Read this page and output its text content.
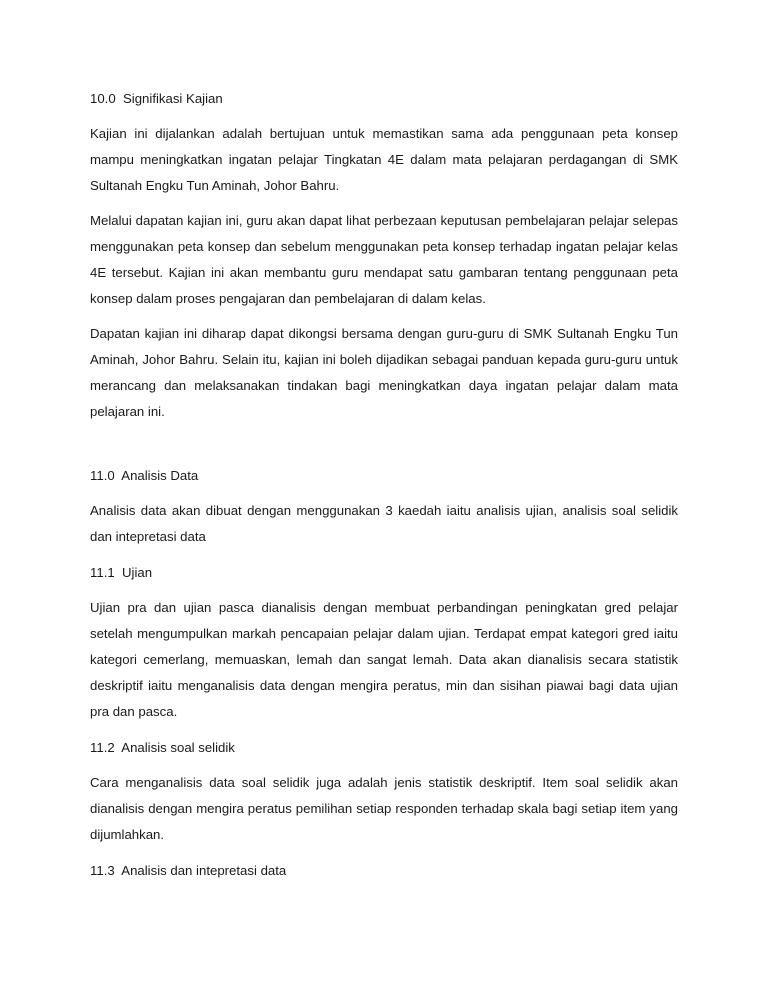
10.0  Signifikasi Kajian

Kajian ini dijalankan adalah bertujuan untuk memastikan sama ada penggunaan peta konsep mampu meningkatkan ingatan pelajar Tingkatan 4E dalam mata pelajaran perdagangan di SMK Sultanah Engku Tun Aminah, Johor Bahru.

Melalui dapatan kajian ini, guru akan dapat lihat perbezaan keputusan pembelajaran pelajar selepas menggunakan peta konsep dan sebelum menggunakan peta konsep terhadap ingatan pelajar kelas 4E tersebut. Kajian ini akan membantu guru mendapat satu gambaran tentang penggunaan peta konsep dalam proses pengajaran dan pembelajaran di dalam kelas.

Dapatan kajian ini diharap dapat dikongsi bersama dengan guru-guru di SMK Sultanah Engku Tun Aminah, Johor Bahru. Selain itu, kajian ini boleh dijadikan sebagai panduan kepada guru-guru untuk merancang dan melaksanakan tindakan bagi meningkatkan daya ingatan pelajar dalam mata pelajaran ini.

11.0  Analisis Data

Analisis data akan dibuat dengan menggunakan 3 kaedah iaitu analisis ujian, analisis soal selidik dan intepretasi data

11.1  Ujian

Ujian pra dan ujian pasca dianalisis dengan membuat perbandingan peningkatan gred pelajar setelah mengumpulkan markah pencapaian pelajar dalam ujian. Terdapat empat kategori gred iaitu kategori cemerlang, memuaskan, lemah dan sangat lemah. Data akan dianalisis secara statistik deskriptif iaitu menganalisis data dengan mengira peratus, min dan sisihan piawai bagi data ujian pra dan pasca.

11.2  Analisis soal selidik

Cara menganalisis data soal selidik juga adalah jenis statistik deskriptif. Item soal selidik akan dianalisis dengan mengira peratus pemilihan setiap responden terhadap skala bagi setiap item yang dijumlahkan.

11.3  Analisis dan intepretasi data
